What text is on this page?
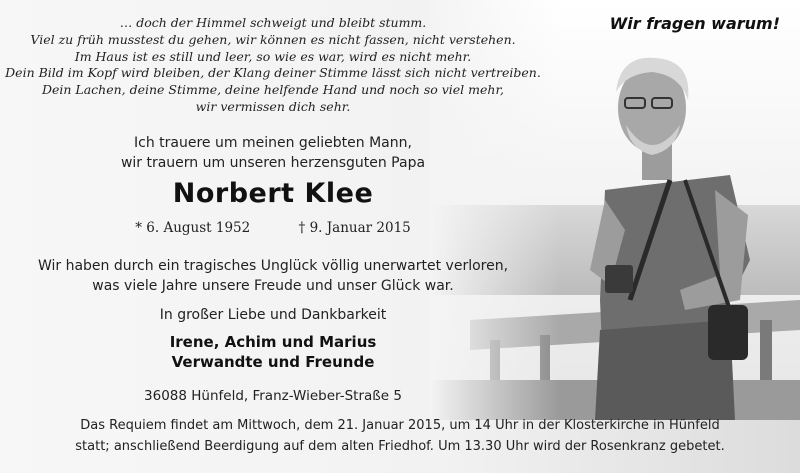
Wir fragen warum!
… doch der Himmel schweigt und bleibt stumm.
Viel zu früh musstest du gehen, wir können es nicht fassen, nicht verstehen.
Im Haus ist es still und leer, so wie es war, wird es nicht mehr.
Dein Bild im Kopf wird bleiben, der Klang deiner Stimme lässt sich nicht vertreiben.
Dein Lachen, deine Stimme, deine helfende Hand und noch so viel mehr,
wir vermissen dich sehr.
Ich trauere um meinen geliebten Mann,
wir trauern um unseren herzensguten Papa
Norbert Klee
* 6. August 1952	† 9. Januar 2015
Wir haben durch ein tragisches Unglück völlig unerwartet verloren,
was viele Jahre unsere Freude und unser Glück war.
In großer Liebe und Dankbarkeit
Irene, Achim und Marius
Verwandte und Freunde
36088 Hünfeld, Franz-Wieber-Straße 5
Das Requiem findet am Mittwoch, dem 21. Januar 2015, um 14 Uhr in der Klosterkirche in Hünfeld
statt; anschließend Beerdigung auf dem alten Friedhof. Um 13.30 Uhr wird der Rosenkranz gebetet.
